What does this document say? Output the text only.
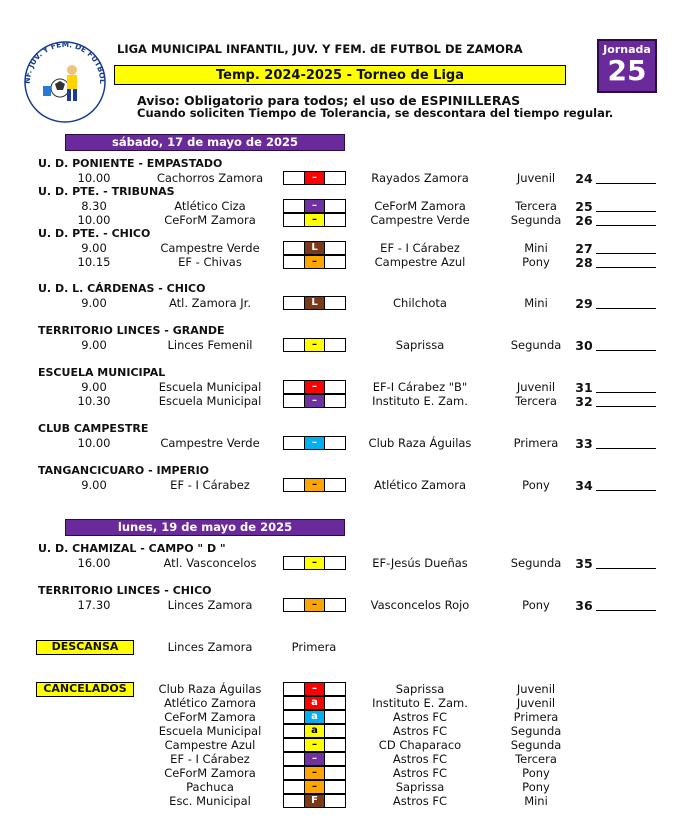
NF. JUV. Y FEM. DE FUTBOL
LIGA MUNICIPAL INFANTIL, JUV. Y FEM. dE FUTBOL DE ZAMORA
Temp. 2024-2025 - Torneo de Liga
Aviso: Obligatorio para todos; el uso de ESPINILLERAS
Cuando soliciten Tiempo de Tolerancia, se descontara del tiempo regular.
Jornada
25
sábado, 17 de mayo de 2025
U. D. PONIENTE - EMPASTADO
10.00	Cachorros Zamora	–	Rayados Zamora	Juvenil	24
U. D. PTE. - TRIBUNAS
8.30	Atlético Ciza	–	CeForM Zamora	Tercera	25
10.00	CeForM Zamora	–	Campestre Verde	Segunda	26
U. D. PTE. - CHICO
9.00	Campestre Verde	L	EF - I Cárabez	Mini	27
10.15	EF - Chivas	–	Campestre Azul	Pony	28
U. D. L. CÁRDENAS - CHICO
9.00	Atl. Zamora Jr.	L	Chilchota	Mini	29
TERRITORIO LINCES - GRANDE
9.00	Linces Femenil	–	Saprissa	Segunda	30
ESCUELA MUNICIPAL
9.00	Escuela Municipal	–	EF-I Cárabez "B"	Juvenil	31
10.30	Escuela Municipal	–	Instituto E. Zam.	Tercera	32
CLUB CAMPESTRE
10.00	Campestre Verde	–	Club Raza Águilas	Primera	33
TANGANCICUARO - IMPERIO
9.00	EF - I Cárabez	–	Atlético Zamora	Pony	34
lunes, 19 de mayo de 2025
U. D. CHAMIZAL - CAMPO " D "
16.00	Atl. Vasconcelos	–	EF-Jesús Dueñas	Segunda	35
TERRITORIO LINCES - CHICO
17.30	Linces Zamora	–	Vasconcelos Rojo	Pony	36
DESCANSA	Linces Zamora	Primera
CANCELADOS	Club Raza Águilas	–	Saprissa	Juvenil
Atlético Zamora	a	Instituto E. Zam.	Juvenil
CeForM Zamora	a	Astros FC	Primera
Escuela Municipal	a	Astros FC	Segunda
Campestre Azul	–	CD Chaparaco	Segunda
EF - I Cárabez	–	Astros FC	Tercera
CeForM Zamora	–	Astros FC	Pony
Pachuca	–	Saprissa	Pony
Esc. Municipal	F	Astros FC	Mini
